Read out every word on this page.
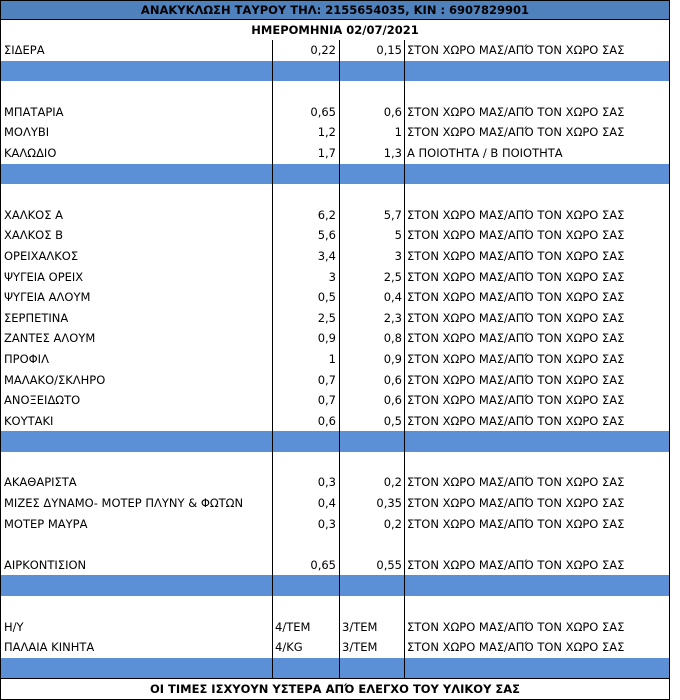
ΑΝΑΚΥΚΛΩΣΗ ΤΑΥΡΟΥ ΤΗΛ: 2155654035, ΚΙΝ : 6907829901
ΗΜΕΡΟΜΗΝΙΑ 02/07/2021
ΣΙΔΕΡΑ	0,22	0,15 ΣΤΟΝ ΧΩΡΟ ΜΑΣ/ΑΠΌ ΤΟΝ ΧΩΡΟ ΣΑΣ
ΜΠΑΤΑΡΙΑ	0,65	0,6 ΣΤΟΝ ΧΩΡΟ ΜΑΣ/ΑΠΌ ΤΟΝ ΧΩΡΟ ΣΑΣ
ΜΟΛΥΒΙ	1,2	1 ΣΤΟΝ ΧΩΡΟ ΜΑΣ/ΑΠΌ ΤΟΝ ΧΩΡΟ ΣΑΣ
ΚΑΛΩΔΙΟ	1,7	1,3 Α ΠΟΙΟΤΗΤΑ / Β ΠΟΙΟΤΗΤΑ
ΧΑΛΚΟΣ Α	6,2	5,7 ΣΤΟΝ ΧΩΡΟ ΜΑΣ/ΑΠΌ ΤΟΝ ΧΩΡΟ ΣΑΣ
ΧΑΛΚΟΣ Β	5,6	5 ΣΤΟΝ ΧΩΡΟ ΜΑΣ/ΑΠΌ ΤΟΝ ΧΩΡΟ ΣΑΣ
ΟΡΕΙΧΑΛΚΟΣ	3,4	3 ΣΤΟΝ ΧΩΡΟ ΜΑΣ/ΑΠΌ ΤΟΝ ΧΩΡΟ ΣΑΣ
ΨΥΓΕΙΑ ΟΡΕΙΧ	3	2,5 ΣΤΟΝ ΧΩΡΟ ΜΑΣ/ΑΠΌ ΤΟΝ ΧΩΡΟ ΣΑΣ
ΨΥΓΕΙΑ ΑΛΟΥΜ	0,5	0,4 ΣΤΟΝ ΧΩΡΟ ΜΑΣ/ΑΠΌ ΤΟΝ ΧΩΡΟ ΣΑΣ
ΣΕΡΠΕΤΙΝΑ	2,5	2,3 ΣΤΟΝ ΧΩΡΟ ΜΑΣ/ΑΠΌ ΤΟΝ ΧΩΡΟ ΣΑΣ
ΖΑΝΤΕΣ ΑΛΟΥΜ	0,9	0,8 ΣΤΟΝ ΧΩΡΟ ΜΑΣ/ΑΠΌ ΤΟΝ ΧΩΡΟ ΣΑΣ
ΠΡΟΦΙΛ	1	0,9 ΣΤΟΝ ΧΩΡΟ ΜΑΣ/ΑΠΌ ΤΟΝ ΧΩΡΟ ΣΑΣ
ΜΑΛΑΚΟ/ΣΚΛΗΡΟ	0,7	0,6 ΣΤΟΝ ΧΩΡΟ ΜΑΣ/ΑΠΌ ΤΟΝ ΧΩΡΟ ΣΑΣ
ΑΝΟΞΕΙΔΩΤΟ	0,7	0,6 ΣΤΟΝ ΧΩΡΟ ΜΑΣ/ΑΠΌ ΤΟΝ ΧΩΡΟ ΣΑΣ
ΚΟΥΤΑΚΙ	0,6	0,5 ΣΤΟΝ ΧΩΡΟ ΜΑΣ/ΑΠΌ ΤΟΝ ΧΩΡΟ ΣΑΣ
ΑΚΑΘΑΡΙΣΤΑ	0,3	0,2 ΣΤΟΝ ΧΩΡΟ ΜΑΣ/ΑΠΌ ΤΟΝ ΧΩΡΟ ΣΑΣ
ΜΙΖΕΣ ΔΥΝΑΜΟ- ΜΟΤΕΡ ΠΛΥΝΥ & ΦΩΤΩΝ	0,4	0,35 ΣΤΟΝ ΧΩΡΟ ΜΑΣ/ΑΠΌ ΤΟΝ ΧΩΡΟ ΣΑΣ
ΜΟΤΕΡ ΜΑΥΡΑ	0,3	0,2 ΣΤΟΝ ΧΩΡΟ ΜΑΣ/ΑΠΌ ΤΟΝ ΧΩΡΟ ΣΑΣ
ΑΙΡΚΟΝΤΙΣΙΟΝ	0,65	0,55 ΣΤΟΝ ΧΩΡΟ ΜΑΣ/ΑΠΌ ΤΟΝ ΧΩΡΟ ΣΑΣ
Η/Υ	4/ΤΕΜ	3/ΤΕΜ	ΣΤΟΝ ΧΩΡΟ ΜΑΣ/ΑΠΌ ΤΟΝ ΧΩΡΟ ΣΑΣ
ΠΑΛΑΙΑ ΚΙΝΗΤΑ	4/KG	3/ΤΕΜ	ΣΤΟΝ ΧΩΡΟ ΜΑΣ/ΑΠΌ ΤΟΝ ΧΩΡΟ ΣΑΣ
ΟΙ ΤΙΜΕΣ ΙΣΧΥΟΥΝ ΥΣΤΕΡΑ ΑΠΌ ΕΛΕΓΧΟ ΤΟΥ ΥΛΙΚΟΥ ΣΑΣ
